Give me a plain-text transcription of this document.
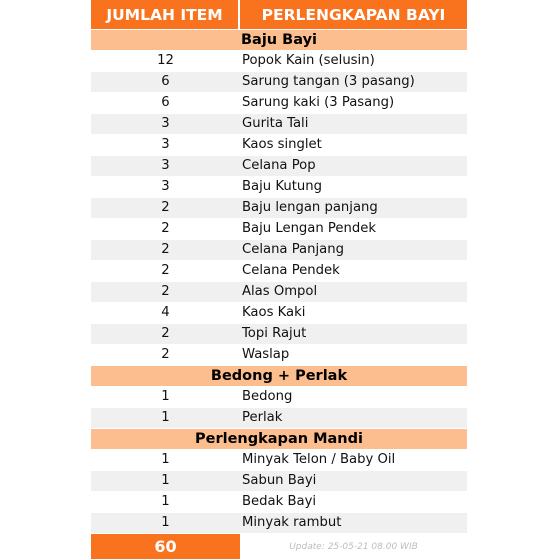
JUMLAH ITEM	PERLENGKAPAN BAYI
Baju Bayi
12	Popok Kain (selusin)
6	Sarung tangan (3 pasang)
6	Sarung kaki (3 Pasang)
3	Gurita Tali
3	Kaos singlet
3	Celana Pop
3	Baju Kutung
2	Baju lengan panjang
2	Baju Lengan Pendek
2	Celana Panjang
2	Celana Pendek
2	Alas Ompol
4	Kaos Kaki
2	Topi Rajut
2	Waslap
Bedong + Perlak
1	Bedong
1	Perlak
Perlengkapan Mandi
1	Minyak Telon / Baby Oil
1	Sabun Bayi
1	Bedak Bayi
1	Minyak rambut
60	Update: 25-05-21 08.00 WIB
